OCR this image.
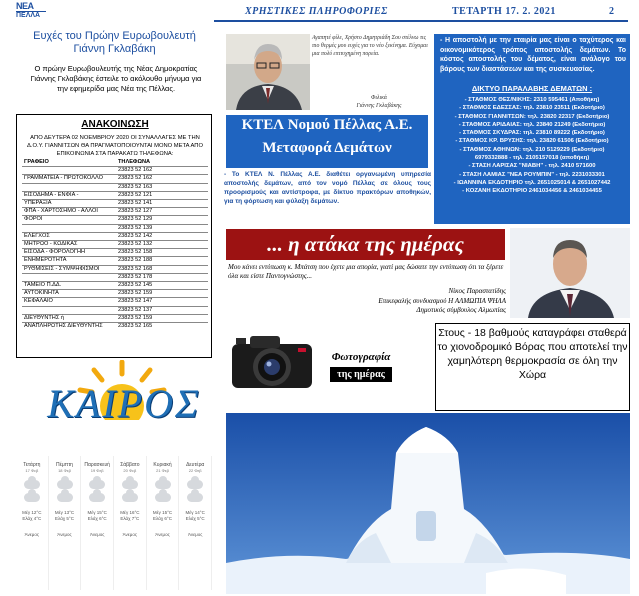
ΝΕΑ
ΠΕΛΛΑ	ΧΡΗΣΤΙΚΕΣ ΠΛΗΡΟΦΟΡΙΕΣ	ΤΕΤΑΡΤΗ 17. 2. 2021	2
Ευχές του Πρώην Ευρωβουλευτή
Γιάννη Γκλαβάκη
Ο πρώην Ευρωβουλευτής της Νέας Δημοκρατίας Γιάννης Γκλαβάκης έστειλε το ακόλουθο μήνυμα για την εφημερίδα μας Νέα της Πέλλας.
ΑΝΑΚΟΙΝΩΣΗ
ΑΠΟ ΔΕΥΤΕΡΑ 02 ΝΟΕΜΒΡΙΟΥ 2020 ΟΙ ΣΥΝΑΛΛΑΓΕΣ ΜΕ ΤΗΝ Δ.Ο.Υ. ΓΙΑΝΝΙΤΣΩΝ ΘΑ ΠΡΑΓΜΑΤΟΠΟΙΟΥΝΤΑΙ ΜΟΝΟ ΜΕΤΑ ΑΠΟ ΕΠΙΚΟΙΝΩΝΙΑ ΣΤΑ ΠΑΡΑΚΑΤΩ ΤΗΛΕΦΩΝΑ:
ΓΡΑΦΕΙΟ	ΤΗΛΕΦΩΝΑ
	23823 52 162
ΓΡΑΜΜΑΤΕΙΑ - ΠΡΩΤΟΚΟΛΛΟ	23823 52 162
	23823 52 163
ΕΙΣΟΔΗΜΑ - ΕΝΦΙΑ -	23823 52 121
ΥΠΕΡΑΞΙΑ	23823 52 141
ΦΠΑ - ΧΑΡΤΟΣΗΜΟ - ΑΛΛΟΙ	23823 52 127
ΦΟΡΟΙ	23823 52 129
	23823 52 139
ΕΛΕΓΧΟΣ	23823 52 142
ΜΗΤΡΩΟ - ΚΩΔΙΚΑΣ	23823 52 132
ΕΙΣΟΔΑ - ΦΟΡΟΛΟΓΗΗ	23823 52 158
ΕΝΗΜΕΡΟΤΗΤΑ	23823 52 188
ΡΥΘΜΙΣΕΙΣ - ΣΥΜΨΗΦΙΣΜΟΙ	23823 52 168
	23823 52 178
ΤΑΜΕΙΟ Π.ΔΔ.	23823 52 145
ΑΥΤΟΚΙΝΗΤΑ	23823 52 159
ΚΕΦΑΛΑΙΟ	23823 52 147
	23823 52 137
ΔΙΕΥΘΥΝΤΗΣ ή	23823 52 159
ΑΝΑΠΛΗΡΩΤΗΣ ΔΙΕΥΘΥΝΤΗΣ	23823 52 165
ΚΑΙΡΟΣ
Τετάρτη
17 Φεβ
Μέγ 12°C
Ελάχ 4°C
Άνεμος
Πέμπτη
18 Φεβ
Μέγ 13°C
Ελάχ 5°C
Άνεμος
Παρασκευή
19 Φεβ
Μέγ 15°C
Ελάχ 6°C
Άνεμος
Σάββατο
20 Φεβ
Μέγ 16°C
Ελάχ 7°C
Άνεμος
Κυριακή
21 Φεβ
Μέγ 15°C
Ελάχ 6°C
Άνεμος
Δευτέρα
22 Φεβ
Μέγ 14°C
Ελάχ 5°C
Άνεμος
Αγαπητέ φίλε, Χρήστο Δημητριάδη Σου στέλνω τις πιο θερμές μου ευχές για το νέο ξεκίνημα. Εύχομαι μια πολύ επιτυχημένη πορεία.
Φιλικά
Γιάννης Γκλαβάκης
ΚΤΕΛ Νομού Πέλλας Α.Ε.
Μεταφορά Δεμάτων
- Το ΚΤΕΛ Ν. Πέλλας Α.Ε. διαθέτει οργανωμένη υπηρεσία αποστολής δεμάτων, από τον νομό Πέλλας σε όλους τους προορισμούς και αντίστροφα, με δίκτυο πρακτόρων αποθηκών, για τη φόρτωση και φύλαξη δεμάτων.
- Η αποστολή με την εταιρία μας είναι ο ταχύτερος και οικονομικότερος τρόπος αποστολής δεμάτων. Το κόστος αποστολής του δέματος, είναι ανάλογο του βάρους των διαστάσεων και της συσκευασίας.
ΔΙΚΤΥΟ ΠΑΡΑΛΑΒΗΣ ΔΕΜΑΤΩΝ :
- ΣΤΑΘΜΟΣ ΘΕΣ/ΝΙΚΗΣ: 2310 595461 (Αποθήκη)
- ΣΤΑΘΜΟΣ ΕΔΕΣΣΑΣ: τηλ. 23810 23511 (Εκδοτήριο)
- ΣΤΑΘΜΟΣ ΓΙΑΝΝΙΤΣΩΝ: τηλ. 23820 22317 (Εκδοτήριο)
- ΣΤΑΘΜΟΣ ΑΡΙΔΑΙΑΣ: τηλ. 23840 21249 (Εκδοτήριο)
- ΣΤΑΘΜΟΣ ΣΚΥΔΡΑΣ: τηλ. 23810 89222 (Εκδοτήριο)
- ΣΤΑΘΜΟΣ ΚΡ. ΒΡΥΣΗΣ: τηλ. 23820 61506 (Εκδοτήριο)
- ΣΤΑΘΜΟΣ ΑΘΗΝΩΝ: τηλ. 210 5129229 (Εκδοτήριο)
6979332888 - τηλ. 2105157018 (αποθήκη)
- ΣΤΑΣΗ ΛΑΡΙΣΑΣ "ΝΙΑΒΗ" - τηλ. 2410 571600
- ΣΤΑΣΗ ΛΑΜΙΑΣ "ΝΕΑ ΡΟΥΜΠΙΝ" - τηλ. 2231033301
- ΙΩΑΝΝΙΝΑ ΕΚΔΟΤΗΡΙΟ τηλ. 2651025014 & 2651027442
- ΚΟΖΑΝΗ ΕΚΔΟΤΗΡΙΟ 2461034456 & 2461034455
... η ατάκα της ημέρας
Μου κάνει εντύπωση κ. Μπάτση που έχετε μια απορία, γιατί μας δώσατε την εντύπωση ότι τα ξέρετε όλα και είστε Παντογνώστης...
Νίκος Παραστατίδης
Επικεφαλής συνδυασμού Η ΑΛΜΩΠΙΑ ΨΗΛΑ
Δημοτικός σύμβουλος Αλμωπίας
Φωτογραφία
της ημέρας
Στους - 18 βαθμούς καταγράφει σταθερά το χιονοδρομικό Βόρας που αποτελεί την χαμηλότερη θερμοκρασία σε όλη την Χώρα
